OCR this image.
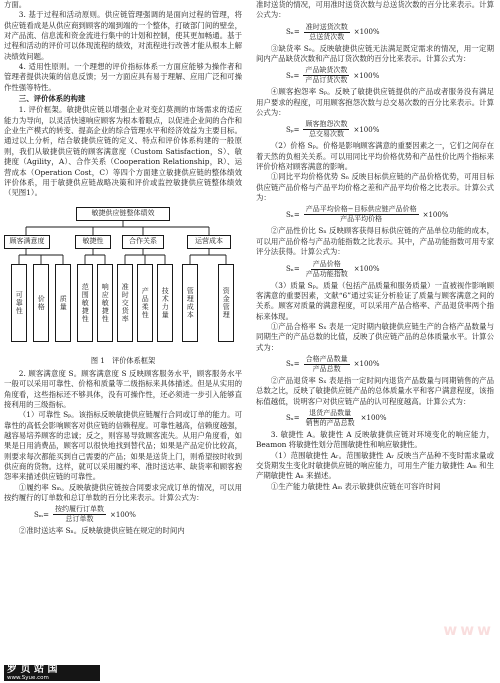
方面。

3. 基于过程和活动原则。供应链管理强调的是面向过程的管理，将供应链看成是从供应商到顾客的端到端的一个整体，打破部门间的壁垒，对产品流、信息流和资金流进行集中的计划和控制，使其更加畅通。基于过程和活动的评价可以体现流程的绩效，对流程进行改善才能从根本上解决绩效问题。

4. 适用性原则。一个理想的评价指标体系一方面应能够为操作者和管理者提供决策的信息反馈；另一方面应具有易于理解、应用广泛和可操作性强等特性。

三、评价体系的构建

1. 评价框架。敏捷供应链以增强企业对变幻莫测的市场需求的适应能力为导向，以灵活快速响应顾客为根本着眼点，以促进企业间的合作和企业生产模式的转变、提高企业的综合管理水平和经济效益为主要目标。通过以上分析，结合敏捷供应链的定义、特点和评价体系构建的一般原则，我们从敏捷供应链的顾客满意度（Custom Satisfaction，S）、敏捷度（Agility，A）、合作关系（Cooperation Relationship，R）、运营成本（Operation Cost，C）等四个方面建立敏捷供应链的整体绩效评价体系，用于敏捷供应链战略决策和评价或监控敏捷供应链整体绩效（见图1）。

敏捷供应链整体绩效
顾客满意度	敏捷性	合作关系	运营成本
可靠性	价格	质量	范围敏捷性	响应敏捷性	准时交货率	产品柔性	技术力量	管理成本	资金管理

图 1　评价体系框架

2. 顾客满意度 S。顾客满意度 S 反映顾客服务水平，顾客服务水平一般可以采用可靠性、价格和质量等二级指标来具体描述。但是从实用的角度看，这些指标还不够具体，没有可操作性，还必须进一步引入能够直接利用的三级指标。

（1）可靠性 Sₚ。该指标反映敏捷供应链履行合同或订单的能力。可靠性的高低会影响顾客对供应链的信赖程度。可靠性越高，信赖度越强，越容易培养顾客的忠诚；反之，则容易导致顾客流失。从用户角度看，如果是日用消费品，顾客可以很快地找到替代品；如果是产品定价比较高，则要求每次都能买到自己需要的产品；如果是送货上门，则希望按时收到供应商的货物。这样，就可以采用履约率、准时送达率、缺货率和顾客抱怨率来描述供应链的可靠性。

①履约率 Sₘ。反映敏捷供应链按合同要求完成订单的情况，可以用按约履行的订单数和总订单数的百分比来表示。计算公式为：

$S_m= \frac{\text{按约履行订单数}}{\text{总订单数}} \times 100\%$

②准时送达率 Sₙ。反映敏捷供应链在规定的时间内

准时送货的情况，可用准时送货次数与总送货次数的百分比来表示。计算公式为：

$S_n= \frac{\text{准时送货次数}}{\text{总送货次数}} \times 100\%$

③缺货率 Sₒ。反映敏捷供应链无法满足既定需求的情况，用一定期间内产品缺货次数和产品订货次数的百分比来表示。计算公式为：

$S_o= \frac{\text{产品缺货次数}}{\text{产品订货次数}} \times 100\%$

④顾客抱怨率 Sₚ。反映了敏捷供应链提供的产品或者服务没有满足用户要求的程度，可用顾客抱怨次数与总交易次数的百分比来表示。计算公式为：

$S_p= \frac{\text{顾客抱怨次数}}{\text{总交易次数}} \times 100\%$

（2）价格 Sₚ。价格是影响顾客满意的重要因素之一，它们之间存在着天然的负相关关系。可以用同比平均价格优势和产品性价比两个指标来评价价格对顾客满意的影响。

①同比平均价格优势 Sₙ 反映目标供应链的产品价格优势，可用目标供应链产品价格与产品平均价格之差和产品平均价格之比表示。计算公式为：

$S_n= \frac{\text{产品平均价格−目标供应链产品价格}}{\text{产品平均价格}} \times 100\%$

②产品性价比 Sₙ 反映顾客获得目标供应链的产品单位功能的成本，可以用产品价格与产品功能指数之比表示。其中，产品功能指数可用专家评分法获得。计算公式为：

$S_n= \frac{\text{产品价格}}{\text{产品功能指数}} \times 100\%$

（3）质量 Sₚ。质量（包括产品质量和服务质量）一直被视作影响顾客满意的重要因素，文献“6”通过实证分析验证了质量与顾客满意之间的关系。顾客对质量的满意程度，可以采用产品合格率、产品退货率两个指标来体现。

①产品合格率 Sₓ 表是一定时期内敏捷供应链生产的合格产品数量与同期生产的产品总数的比值，反映了供应链产品的总体质量水平。计算公式为：

$S_x= \frac{\text{合格产品数量}}{\text{产品总数}} \times 100\%$

②产品退货率 Sₓ 表是指一定时间内退货产品数量与同期销售的产品总数之比，反映了敏捷供应链产品的总体质量水平和客户满意程度，该指标值越低，说明客户对供应链产品的认可程度越高。计算公式为：

$S_x= \frac{\text{退货产品数量}}{\text{销售的产品总数}} \times 100\%$

3. 敏捷性 A。敏捷性 A 反映敏捷供应链对环境变化的响应能力，Beamon 将敏捷性划分范围敏捷性和响应敏捷性。

（1）范围敏捷性 Aᵣ。范围敏捷性 Aᵣ 反映当产品种不变时需求量或交货期发生变化时敏捷供应链的响应能力，可用生产能力敏捷性 Aₘ 和生产期敏捷性 Aₙ 来描述。

①生产能力敏捷性 Aₘ 表示敏捷供应链在可容许时间

ᴡᴡᴡ
罗 页 站 国
www.Syue.com
